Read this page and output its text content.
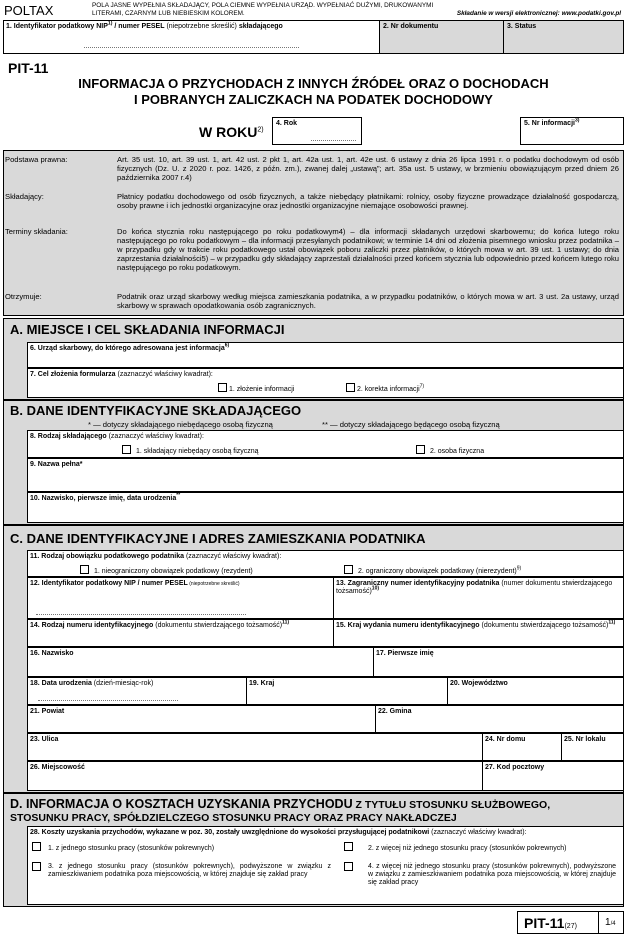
POLTAX	POLA JASNE WYPEŁNIA SKŁADAJĄCY, POLA CIEMNE WYPEŁNIA URZĄD. WYPEŁNIAĆ DUŻYMI, DRUKOWANYMI LITERAMI, CZARNYM LUB NIEBIESKIM KOLOREM.	Składanie w wersji elektronicznej: www.podatki.gov.pl
1. Identyfikator podatkowy NIP$^{1)}$ / numer PESEL (niepotrzebne skreślić) składającego	2. Nr dokumentu	3. Status
PIT-11
INFORMACJA O PRZYCHODACH Z INNYCH ŹRÓDEŁ ORAZ O DOCHODACH
I POBRANYCH ZALICZKACH NA PODATEK DOCHODOWY
W ROKU$^{2)}$
4. Rok	5. Nr informacji$^{3)}$
Podstawa prawna:	Art. 35 ust. 10, art. 39 ust. 1, art. 42 ust. 2 pkt 1, art. 42a ust. 1, art. 42e ust. 6 ustawy z dnia 26 lipca 1991 r. o podatku dochodowym od osób fizycznych (Dz. U. z 2020 r. poz. 1426, z późn. zm.), zwanej dalej „ustawą”; art. 35a ust. 5 ustawy, w brzmieniu obowiązującym przed dniem 26 października 2007 r.4)
Składający:	Płatnicy podatku dochodowego od osób fizycznych, a także niebędący płatnikami: rolnicy, osoby fizyczne prowadzące działalność gospodarczą, osoby prawne i ich jednostki organizacyjne oraz jednostki organizacyjne niemające osobowości prawnej.
Terminy składania:	Do końca stycznia roku następującego po roku podatkowym4) – dla informacji składanych urzędowi skarbowemu; do końca lutego roku następującego po roku podatkowym – dla informacji przesyłanych podatnikowi; w terminie 14 dni od złożenia pisemnego wniosku przez podatnika – w przypadku gdy w trakcie roku podatkowego ustał obowiązek poboru zaliczki przez płatników, o których mowa w art. 39 ust. 1 ustawy; do dnia zaprzestania działalności5) – w przypadku gdy składający zaprzestali działalności przed końcem stycznia lub odpowiednio przed końcem lutego roku następującego po roku podatkowym.
Otrzymuje:	Podatnik oraz urząd skarbowy według miejsca zamieszkania podatnika, a w przypadku podatników, o których mowa w art. 3 ust. 2a ustawy, urząd skarbowy w sprawach opodatkowania osób zagranicznych.
A. MIEJSCE I CEL SKŁADANIA INFORMACJI
6. Urząd skarbowy, do którego adresowana jest informacja$^{6)}$
7. Cel złożenia formularza (zaznaczyć właściwy kwadrat):
1. złożenie informacji	2. korekta informacji$^{7)}$
B. DANE IDENTYFIKACYJNE SKŁADAJĄCEGO
* — dotyczy składającego niebędącego osobą fizyczną	** — dotyczy składającego będącego osobą fizyczną
8. Rodzaj składającego (zaznaczyć właściwy kwadrat):
1. składający niebędący osobą fizyczną	2. osoba fizyczna
9. Nazwa pełna*
10. Nazwisko, pierwsze imię, data urodzenia**
C. DANE IDENTYFIKACYJNE I ADRES ZAMIESZKANIA PODATNIKA
11. Rodzaj obowiązku podatkowego podatnika (zaznaczyć właściwy kwadrat):
1. nieograniczony obowiązek podatkowy (rezydent)	2. ograniczony obowiązek podatkowy (nierezydent)$^{9)}$
12. Identyfikator podatkowy NIP / numer PESEL (niepotrzebne skreślić)	13. Zagraniczny numer identyfikacyjny podatnika (numer dokumentu stwierdzającego tożsamość)$^{10)}$
14. Rodzaj numeru identyfikacyjnego (dokumentu stwierdzającego tożsamość)$^{11)}$	15. Kraj wydania numeru identyfikacyjnego (dokumentu stwierdzającego tożsamość)$^{11)}$
16. Nazwisko	17. Pierwsze imię
18. Data urodzenia (dzień-miesiąc-rok)	19. Kraj	20. Województwo
21. Powiat	22. Gmina
23. Ulica	24. Nr domu	25. Nr lokalu
26. Miejscowość	27. Kod pocztowy
D. INFORMACJA O KOSZTACH UZYSKANIA PRZYCHODU Z TYTUŁU STOSUNKU SŁUŻBOWEGO,
STOSUNKU PRACY, SPÓŁDZIELCZEGO STOSUNKU PRACY ORAZ PRACY NAKŁADCZEJ
28. Koszty uzyskania przychodów, wykazane w poz. 30, zostały uwzględnione do wysokości przysługującej podatnikowi (zaznaczyć właściwy kwadrat):
1. z jednego stosunku pracy (stosunków pokrewnych)	2. z więcej niż jednego stosunku pracy (stosunków pokrewnych)
3. z jednego stosunku pracy (stosunków pokrewnych), podwyższone w związku z zamieszkiwaniem podatnika poza miejscowością, w której znajduje się zakład pracy
4. z więcej niż jednego stosunku pracy (stosunków pokrewnych), podwyższone w związku z zamieszkiwaniem podatnika poza miejscowością, w której znajduje się zakład pracy
PIT-11(27)	1/4
